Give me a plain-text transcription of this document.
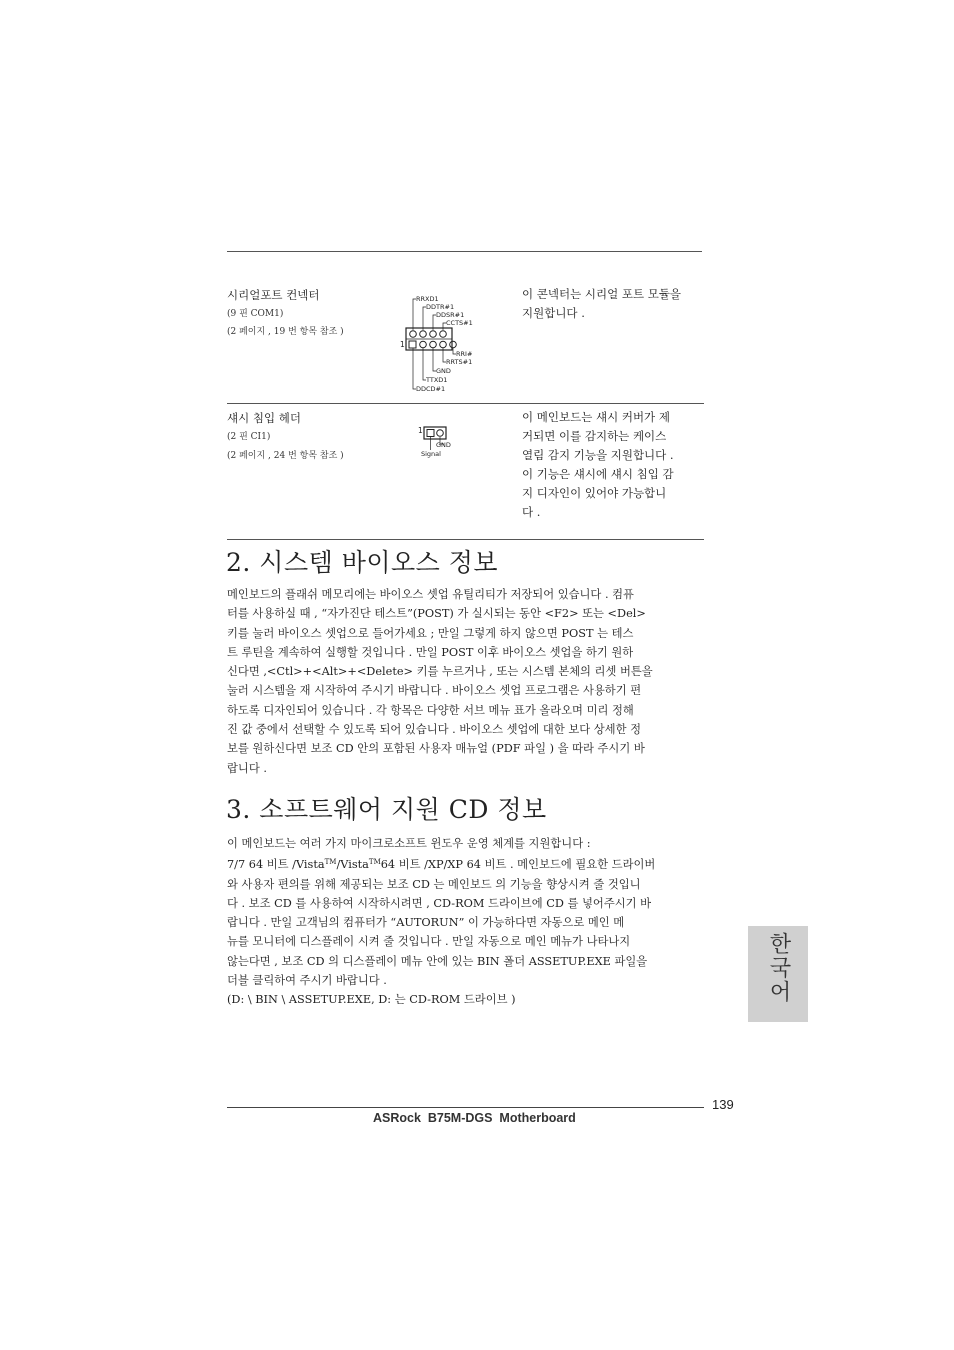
시리얼포트 컨넥터
(9 핀 COM1)
(2 페이지 , 19 번 항목 참조 )
1
RRXD1
DDTR#1
DDSR#1
CCTS#1
RRI#
RRTS#1
GND
TTXD1
DDCD#1
이 콘넥터는 시리얼 포트 모듈을
지원합니다 .
섀시 침입 헤더
(2 핀 CI1)
(2 페이지 , 24 번 항목 참조 )
1
GND
Signal
이 메인보드는 섀시 커버가 제
거되면 이를 감지하는 케이스
열림 감지 기능을 지원합니다 .
이 기능은 섀시에 섀시 침입 감
지 디자인이 있어야 가능합니
다 .
2. 시스템 바이오스 정보
메인보드의 플래쉬 메모리에는 바이오스 셋업 유틸리티가 저장되어 있습니다 . 컴퓨
터를 사용하실 때 , “자가진단 테스트”(POST) 가 실시되는 동안 <F2> 또는 <Del>
키를 눌러 바이오스 셋업으로 들어가세요 ; 만일 그렇게 하지 않으면 POST 는 테스
트 루틴을 계속하여 실행할 것입니다 . 만일 POST 이후 바이오스 셋업을 하기 원하
신다면 ,<Ctl>+<Alt>+<Delete> 키를 누르거나 , 또는 시스템 본체의 리셋 버튼을
눌러 시스템을 재 시작하여 주시기 바랍니다 . 바이오스 셋업 프로그램은 사용하기 편
하도록 디자인되어 있습니다 . 각 항목은 다양한 서브 메뉴 표가 올라오며 미리 정해
진 값 중에서 선택할 수 있도록 되어 있습니다 . 바이오스 셋업에 대한 보다 상세한 정
보를 원하신다면 보조 CD 안의 포함된 사용자 매뉴얼 (PDF 파일 ) 을 따라 주시기 바
랍니다 .
3. 소프트웨어 지원 CD 정보
이 메인보드는 여러 가지 마이크로소프트 윈도우 운영 체계를 지원합니다 :
7/7 64 비트 /Vista™/Vista™64 비트 /XP/XP 64 비트 . 메인보드에 필요한 드라이버
와 사용자 편의를 위해 제공되는 보조 CD 는 메인보드 의 기능을 향상시켜 줄 것입니
다 . 보조 CD 를 사용하여 시작하시려면 , CD-ROM 드라이브에 CD 를 넣어주시기 바
랍니다 . 만일 고객님의 컴퓨터가 “AUTORUN” 이 가능하다면 자동으로 메인 메
뉴를 모니터에 디스플레이 시켜 줄 것입니다 . 만일 자동으로 메인 메뉴가 나타나지
않는다면 , 보조 CD 의 디스플레이 메뉴 안에 있는 BIN 폴더 ASSETUP.EXE 파일을
더블 클릭하여 주시기 바랍니다 .
(D: \ BIN \ ASSETUP.EXE, D: 는 CD-ROM 드라이브 )	한국어
139
ASRock  B75M-DGS  Motherboard
